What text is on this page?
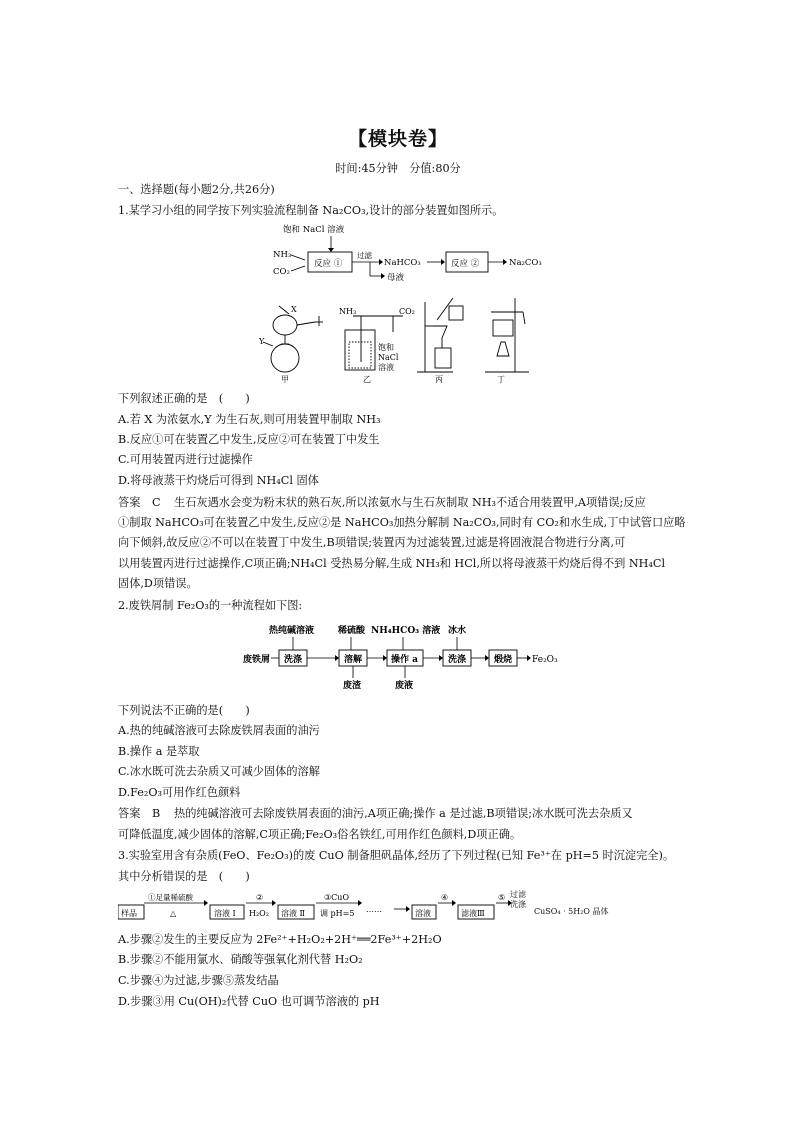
【模块卷】
时间:45分钟　分值:80分
一、选择题(每小题2分,共26分)
1.某学习小组的同学按下列实验流程制备 Na₂CO₃,设计的部分装置如图所示。
饱和 NaCl 溶液
NH₃
CO₂
反应 ①
过滤
母液
NaHCO₃	反应 ②	Na₂CO₃
X
Y
甲
NH₃	CO₂
饱和
NaCl
溶液
乙	丙	丁
下列叙述正确的是　(　　)
A.若 X 为浓氨水,Y 为生石灰,则可用装置甲制取 NH₃
B.反应①可在装置乙中发生,反应②可在装置丁中发生
C.可用装置丙进行过滤操作
D.将母液蒸干灼烧后可得到 NH₄Cl 固体
答案 C 生石灰遇水会变为粉末状的熟石灰,所以浓氨水与生石灰制取 NH₃不适合用装置甲,A项错误;反应
①制取 NaHCO₃可在装置乙中发生,反应②是 NaHCO₃加热分解制 Na₂CO₃,同时有 CO₂和水生成,丁中试管口应略
向下倾斜,故反应②不可以在装置丁中发生,B项错误;装置丙为过滤装置,过滤是将固液混合物进行分离,可
以用装置丙进行过滤操作,C项正确;NH₄Cl 受热易分解,生成 NH₃和 HCl,所以将母液蒸干灼烧后得不到 NH₄Cl
固体,D项错误。
2.废铁屑制 Fe₂O₃的一种流程如下图:
热纯碱溶液	稀硫酸 NH₄HCO₃ 溶液 冰水
废铁屑 洗涤	溶解	操作 a	洗涤	煅烧 Fe₂O₃
废渣	废液
下列说法不正确的是(　　)
A.热的纯碱溶液可去除废铁屑表面的油污
B.操作 a 是萃取
C.冰水既可洗去杂质又可减少固体的溶解
D.Fe₂O₃可用作红色颜料
答案 B 热的纯碱溶液可去除废铁屑表面的油污,A项正确;操作 a 是过滤,B项错误;冰水既可洗去杂质又
可降低温度,减少固体的溶解,C项正确;Fe₂O₃俗名铁红,可用作红色颜料,D项正确。
3.实验室用含有杂质(FeO、Fe₂O₃)的废 CuO 制备胆矾晶体,经历了下列过程(已知 Fe³⁺在 pH=5 时沉淀完全)。
其中分析错误的是　(　　)
样品
①足量稀硫酸
△	溶液 Ⅰ
②
H₂O₂ 溶液 Ⅱ
③CuO
调 pH=5 ……	溶液
④
滤液Ⅲ
⑤ 过滤
洗涤
CuSO₄ · 5H₂O 晶体
A.步骤②发生的主要反应为 2Fe²⁺+H₂O₂+2H⁺══2Fe³⁺+2H₂O
B.步骤②不能用氯水、硝酸等强氧化剂代替 H₂O₂
C.步骤④为过滤,步骤⑤蒸发结晶
D.步骤③用 Cu(OH)₂代替 CuO 也可调节溶液的 pH
